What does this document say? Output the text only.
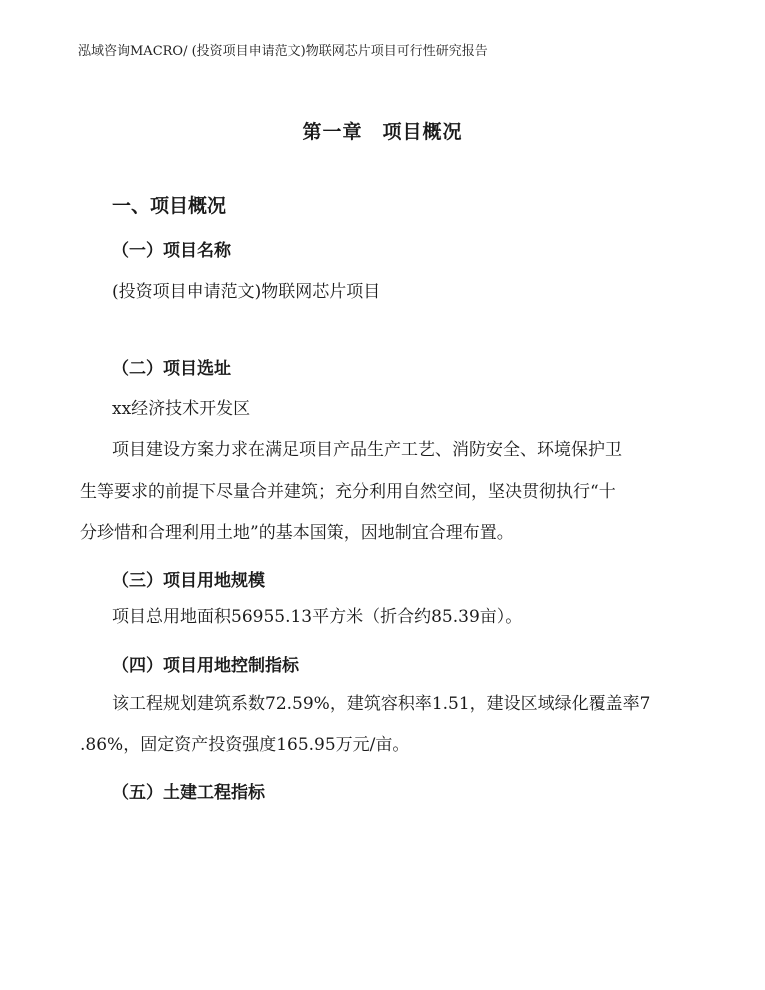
泓域咨询MACRO/ (投资项目申请范文)物联网芯片项目可行性研究报告
第一章　项目概况
一、项目概况
（一）项目名称
(投资项目申请范文)物联网芯片项目
（二）项目选址
xx经济技术开发区
项目建设方案力求在满足项目产品生产工艺、消防安全、环境保护卫
生等要求的前提下尽量合并建筑；充分利用自然空间，坚决贯彻执行“十
分珍惜和合理利用土地”的基本国策，因地制宜合理布置。
（三）项目用地规模
项目总用地面积56955.13平方米（折合约85.39亩）。
（四）项目用地控制指标
该工程规划建筑系数72.59%，建筑容积率1.51，建设区域绿化覆盖率7
.86%，固定资产投资强度165.95万元/亩。
（五）土建工程指标
